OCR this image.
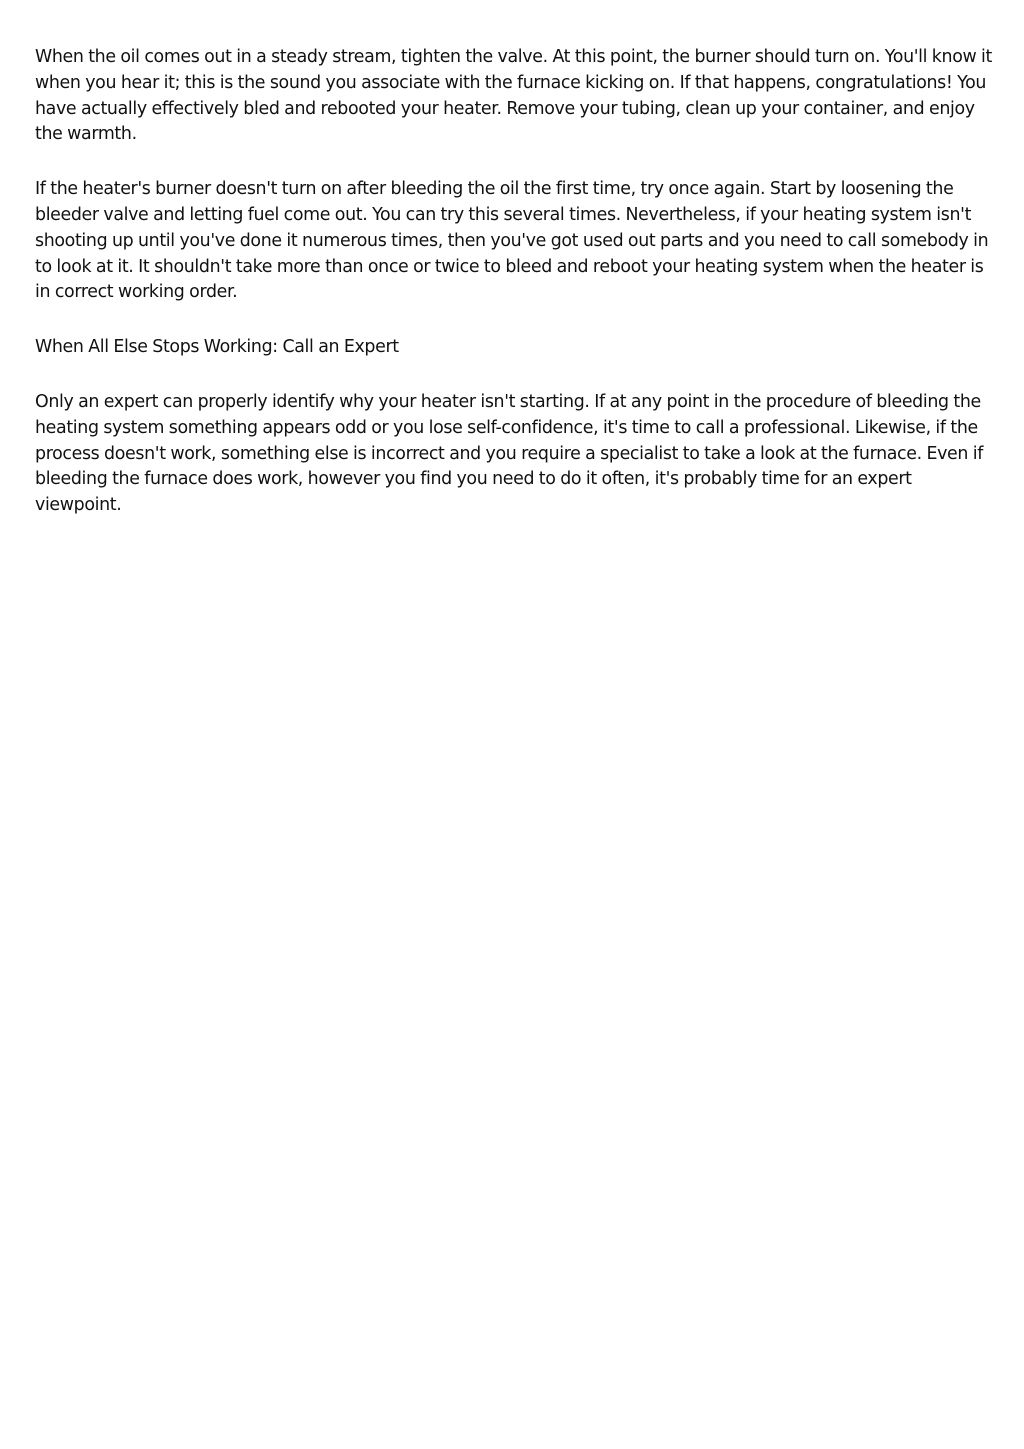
When the oil comes out in a steady stream, tighten the valve. At this point, the burner should turn on. You'll know it when you hear it; this is the sound you associate with the furnace kicking on. If that happens, congratulations! You have actually effectively bled and rebooted your heater. Remove your tubing, clean up your container, and enjoy the warmth.

If the heater's burner doesn't turn on after bleeding the oil the first time, try once again. Start by loosening the bleeder valve and letting fuel come out. You can try this several times. Nevertheless, if your heating system isn't shooting up until you've done it numerous times, then you've got used out parts and you need to call somebody in to look at it. It shouldn't take more than once or twice to bleed and reboot your heating system when the heater is in correct working order.

When All Else Stops Working: Call an Expert

Only an expert can properly identify why your heater isn't starting. If at any point in the procedure of bleeding the heating system something appears odd or you lose self-confidence, it's time to call a professional. Likewise, if the process doesn't work, something else is incorrect and you require a specialist to take a look at the furnace. Even if bleeding the furnace does work, however you find you need to do it often, it's probably time for an expert viewpoint.
